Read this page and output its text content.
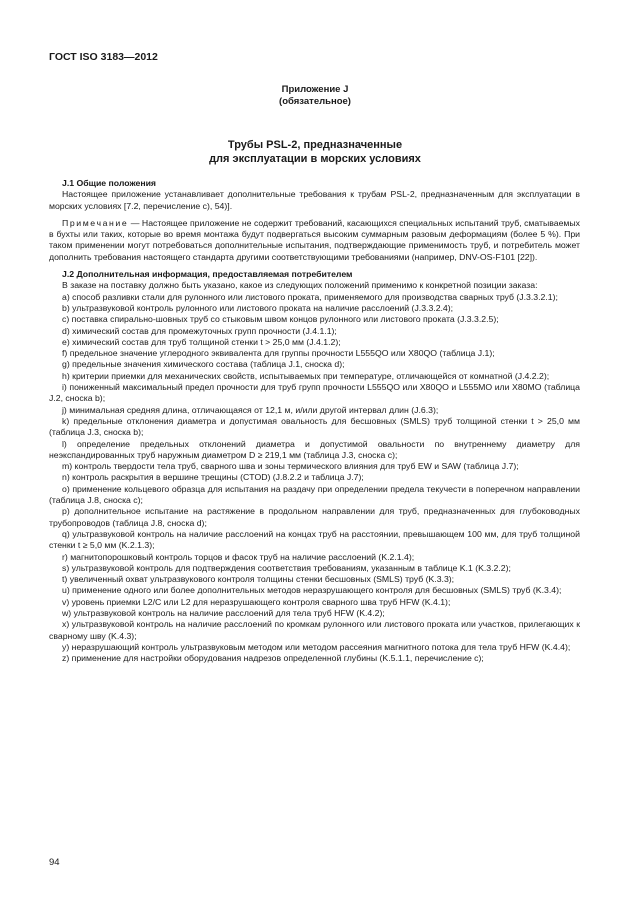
ГОСТ ISO 3183—2012
Приложение J
(обязательное)
Трубы PSL-2, предназначенные
для эксплуатации в морских условиях

J.1 Общие положения

Настоящее приложение устанавливает дополнительные требования к трубам PSL-2, предназначенным для эксплуатации в морских условиях [7.2, перечисление с), 54)].

Примечание — Настоящее приложение не содержит требований, касающихся специальных испытаний труб, сматываемых в бухты или таких, которые во время монтажа будут подвергаться высоким суммарным разовым деформациям (более 5 %). При таком применении могут потребоваться дополнительные испытания, подтверждающие применимость труб, и потребитель может дополнить требования настоящего стандарта другими соответствующими требованиями (например, DNV-OS-F101 [22]).

J.2 Дополнительная информация, предоставляемая потребителем

В заказе на поставку должно быть указано, какое из следующих положений применимо к конкретной позиции заказа:

a) способ разливки стали для рулонного или листового проката, применяемого для производства сварных труб (J.3.3.2.1);

b) ультразвуковой контроль рулонного или листового проката на наличие расслоений (J.3.3.2.4);

c) поставка спирально-шовных труб со стыковым швом концов рулонного или листового проката (J.3.3.2.5);

d) химический состав для промежуточных групп прочности (J.4.1.1);

e) химический состав для труб толщиной стенки t > 25,0 мм (J.4.1.2);

f) предельное значение углеродного эквивалента для группы прочности L555QO или X80QO (таблица J.1);

g) предельные значения химического состава (таблица J.1, сноска d);

h) критерии приемки для механических свойств, испытываемых при температуре, отличающейся от комнатной (J.4.2.2);

i) пониженный максимальный предел прочности для труб групп прочности L555QO или X80QO и L555MO или X80MO (таблица J.2, сноска b);

j) минимальная средняя длина, отличающаяся от 12,1 м, и/или другой интервал длин (J.6.3);

k) предельные отклонения диаметра и допустимая овальность для бесшовных (SMLS) труб толщиной стенки t > 25,0 мм (таблица J.3, сноска b);

l) определение предельных отклонений диаметра и допустимой овальности по внутреннему диаметру для неэкспандированных труб наружным диаметром D ≥ 219,1 мм (таблица J.3, сноска c);

m) контроль твердости тела труб, сварного шва и зоны термического влияния для труб EW и SAW (таблица J.7);

n) контроль раскрытия в вершине трещины (CTOD) (J.8.2.2 и таблица J.7);

o) применение кольцевого образца для испытания на раздачу при определении предела текучести в поперечном направлении (таблица J.8, сноска c);

p) дополнительное испытание на растяжение в продольном направлении для труб, предназначенных для глубоководных трубопроводов (таблица J.8, сноска d);

q) ультразвуковой контроль на наличие расслоений на концах труб на расстоянии, превышающем 100 мм, для труб толщиной стенки t ≥ 5,0 мм (K.2.1.3);

r) магнитопорошковый контроль торцов и фасок труб на наличие расслоений (K.2.1.4);

s) ультразвуковой контроль для подтверждения соответствия требованиям, указанным в таблице K.1 (K.3.2.2);

t) увеличенный охват ультразвукового контроля толщины стенки бесшовных (SMLS) труб (K.3.3);

u) применение одного или более дополнительных методов неразрушающего контроля для бесшовных (SMLS) труб (K.3.4);

v) уровень приемки L2/C или L2 для неразрушающего контроля сварного шва труб HFW (K.4.1);

w) ультразвуковой контроль на наличие расслоений для тела труб HFW (K.4.2);

x) ультразвуковой контроль на наличие расслоений по кромкам рулонного или листового проката или участков, прилегающих к сварному шву (K.4.3);

y) неразрушающий контроль ультразвуковым методом или методом рассеяния магнитного потока для тела труб HFW (K.4.4);

z) применение для настройки оборудования надрезов определенной глубины (K.5.1.1, перечисление c);

94
